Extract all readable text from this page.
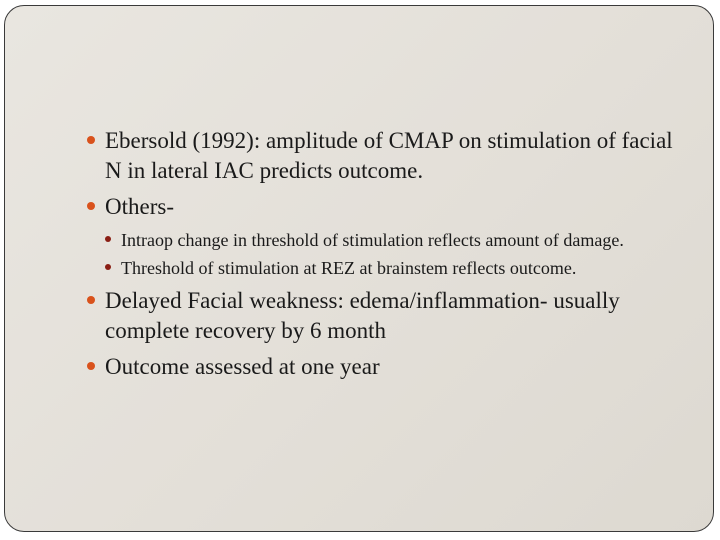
Ebersold (1992): amplitude of CMAP on stimulation of facial N in lateral IAC predicts outcome.
Others-
Intraop change in threshold of stimulation reflects amount of damage.
Threshold of stimulation at REZ at brainstem reflects outcome.
Delayed Facial weakness: edema/inflammation- usually complete recovery by 6 month
Outcome assessed at one year
